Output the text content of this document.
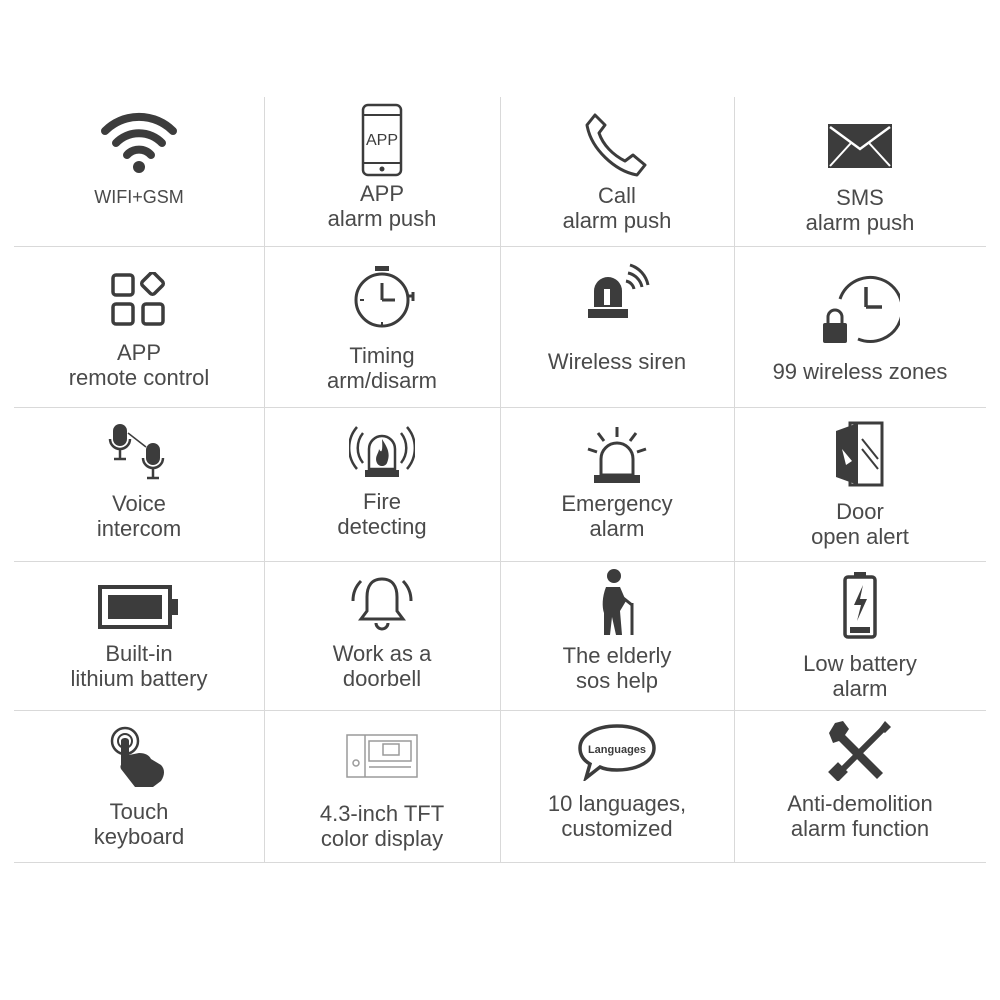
WIFI+GSM
APP
APP
alarm push
Call
alarm push
SMS
alarm push
APP
remote control
Timing
arm/disarm
Wireless siren	99 wireless zones
Voice
intercom
Fire
detecting
Emergency
alarm
Door
open alert
Built-in
lithium battery
Work as a
doorbell
The elderly
sos help
Low battery
alarm
Touch
keyboard
4.3-inch TFT
color display
Languages
10 languages,
customized
Anti-demolition
alarm function
